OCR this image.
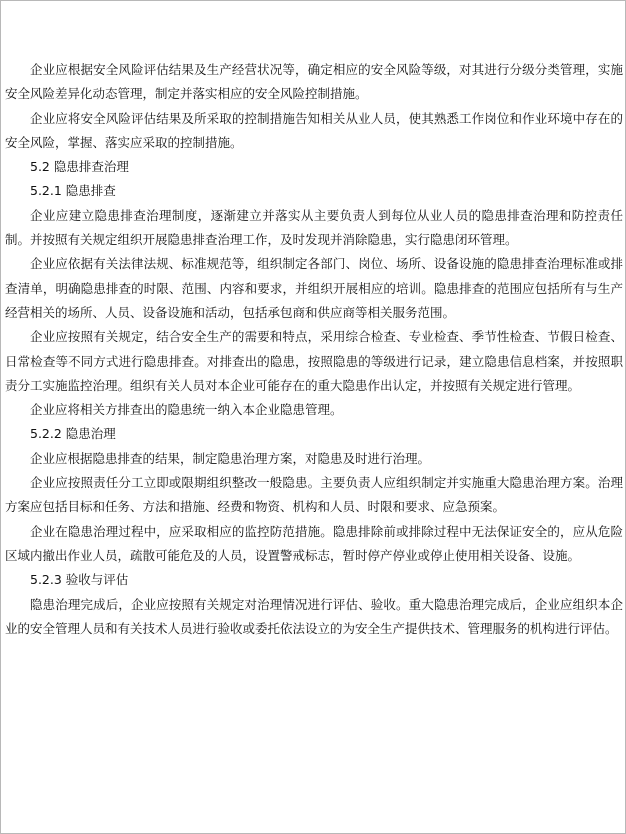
企业应根据安全风险评估结果及生产经营状况等，确定相应的安全风险等级，对其进行分级分类管理，实施安全风险差异化动态管理，制定并落实相应的安全风险控制措施。

企业应将安全风险评估结果及所采取的控制措施告知相关从业人员，使其熟悉工作岗位和作业环境中存在的安全风险，掌握、落实应采取的控制措施。

5.2 隐患排查治理

5.2.1 隐患排查

企业应建立隐患排查治理制度，逐渐建立并落实从主要负责人到每位从业人员的隐患排查治理和防控责任制。并按照有关规定组织开展隐患排查治理工作，及时发现并消除隐患，实行隐患闭环管理。

企业应依据有关法律法规、标准规范等，组织制定各部门、岗位、场所、设备设施的隐患排查治理标准或排查清单，明确隐患排查的时限、范围、内容和要求，并组织开展相应的培训。隐患排查的范围应包括所有与生产经营相关的场所、人员、设备设施和活动，包括承包商和供应商等相关服务范围。

企业应按照有关规定，结合安全生产的需要和特点，采用综合检查、专业检查、季节性检查、节假日检查、日常检查等不同方式进行隐患排查。对排查出的隐患，按照隐患的等级进行记录，建立隐患信息档案，并按照职责分工实施监控治理。组织有关人员对本企业可能存在的重大隐患作出认定，并按照有关规定进行管理。

企业应将相关方排查出的隐患统一纳入本企业隐患管理。

5.2.2 隐患治理

企业应根据隐患排查的结果，制定隐患治理方案，对隐患及时进行治理。

企业应按照责任分工立即或限期组织整改一般隐患。主要负责人应组织制定并实施重大隐患治理方案。治理方案应包括目标和任务、方法和措施、经费和物资、机构和人员、时限和要求、应急预案。

企业在隐患治理过程中，应采取相应的监控防范措施。隐患排除前或排除过程中无法保证安全的，应从危险区域内撤出作业人员，疏散可能危及的人员，设置警戒标志，暂时停产停业或停止使用相关设备、设施。

5.2.3 验收与评估

隐患治理完成后，企业应按照有关规定对治理情况进行评估、验收。重大隐患治理完成后，企业应组织本企业的安全管理人员和有关技术人员进行验收或委托依法设立的为安全生产提供技术、管理服务的机构进行评估。
